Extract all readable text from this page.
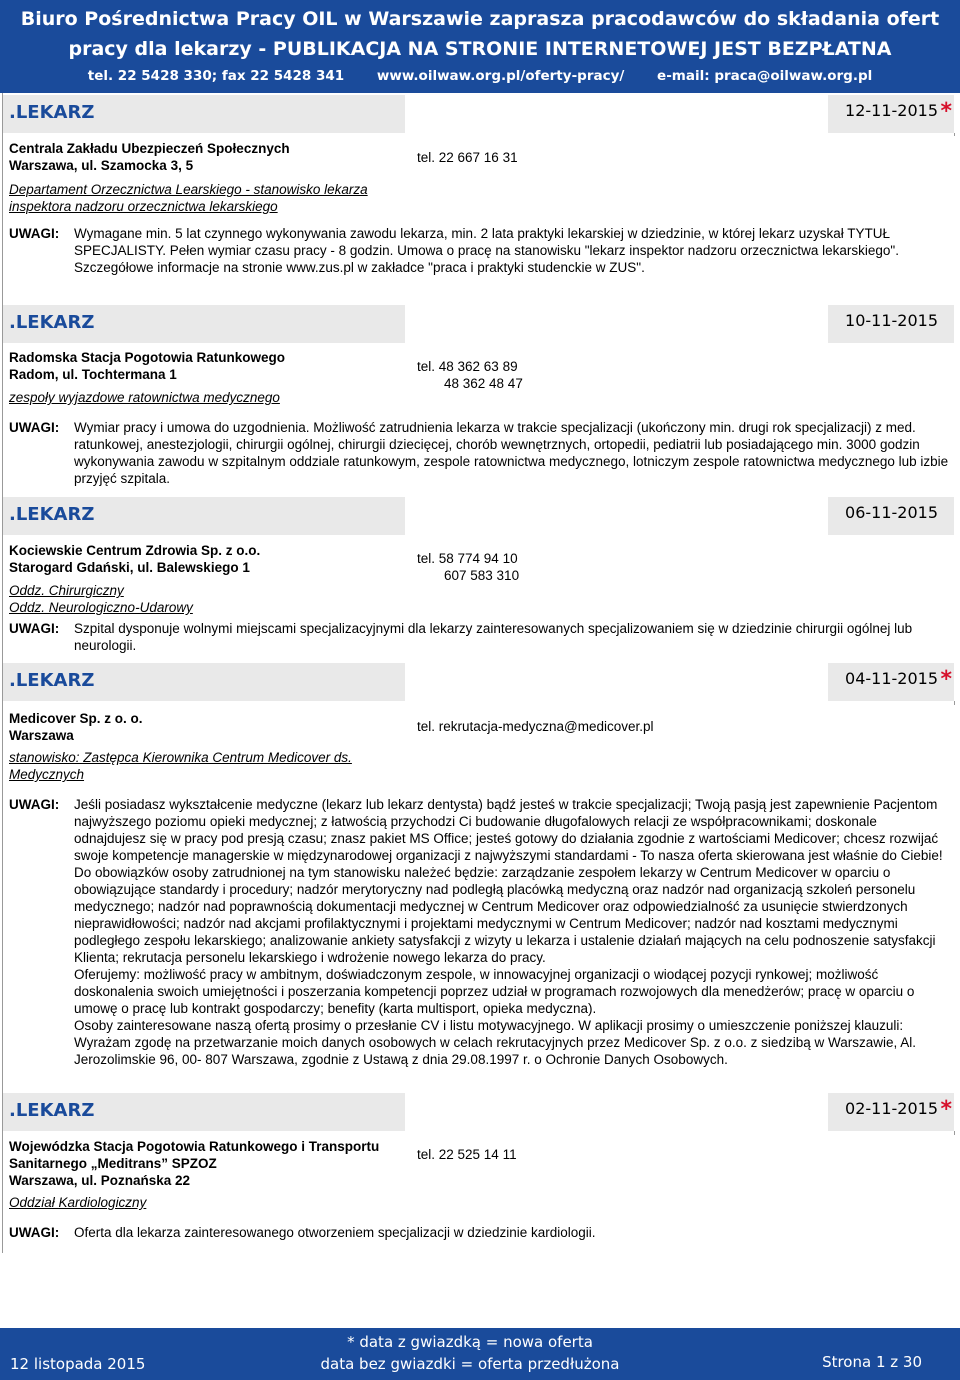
Biuro Pośrednictwa Pracy OIL w Warszawie zaprasza pracodawców do składania ofert
pracy dla lekarzy - PUBLIKACJA NA STRONIE INTERNETOWEJ JEST BEZPŁATNA
tel. 22 5428 330; fax 22 5428 341 www.oilwaw.org.pl/oferty-pracy/ e-mail: praca@oilwaw.org.pl
.LEKARZ	12-11-2015 *
Centrala Zakładu Ubezpieczeń Społecznych
Warszawa, ul. Szamocka 3, 5
Departament Orzecznictwa Learskiego - stanowisko lekarza
inspektora nadzoru orzecznictwa lekarskiego
tel. 22 667 16 31
UWAGI: Wymagane min. 5 lat czynnego wykonywania zawodu lekarza, min. 2 lata praktyki lekarskiej w dziedzinie, w której lekarz uzyskał TYTUŁ SPECJALISTY. Pełen wymiar czasu pracy - 8 godzin. Umowa o pracę na stanowisku "lekarz inspektor nadzoru orzecznictwa lekarskiego".

Szczegółowe informacje na stronie www.zus.pl w zakładce "praca i praktyki studenckie w ZUS".

.LEKARZ	10-11-2015
Radomska Stacja Pogotowia Ratunkowego
Radom, ul. Tochtermana 1
zespoły wyjazdowe ratownictwa medycznego
tel. 48 362 63 89
48 362 48 47
UWAGI: Wymiar pracy i umowa do uzgodnienia. Możliwość zatrudnienia lekarza w trakcie specjalizacji (ukończony min. drugi rok specjalizacji) z med. ratunkowej, anestezjologii, chirurgii ogólnej, chirurgii dziecięcej, chorób wewnętrznych, ortopedii, pediatrii lub posiadającego min. 3000 godzin wykonywania zawodu w szpitalnym oddziale ratunkowym, zespole ratownictwa medycznego, lotniczym zespole ratownictwa medycznego lub izbie przyjęć szpitala.

.LEKARZ	06-11-2015
Kociewskie Centrum Zdrowia Sp. z o.o.
Starogard Gdański, ul. Balewskiego 1
Oddz. Chirurgiczny
Oddz. Neurologiczno-Udarowy
tel. 58 774 94 10
607 583 310
UWAGI: Szpital dysponuje wolnymi miejscami specjalizacyjnymi dla lekarzy zainteresowanych specjalizowaniem się w dziedzinie chirurgii ogólnej lub neurologii.

.LEKARZ	04-11-2015 *
Medicover Sp. z o. o.
Warszawa
stanowisko: Zastępca Kierownika Centrum Medicover ds.
Medycznych
tel. rekrutacja-medyczna@medicover.pl
UWAGI: Jeśli posiadasz wykształcenie medyczne (lekarz lub lekarz dentysta) bądź jesteś w trakcie specjalizacji; Twoją pasją jest zapewnienie Pacjentom najwyższego poziomu opieki medycznej; z łatwością przychodzi Ci budowanie długofalowych relacji ze współpracownikami; doskonale odnajdujesz się w pracy pod presją czasu; znasz pakiet MS Office; jesteś gotowy do działania zgodnie z wartościami Medicover; chcesz rozwijać swoje kompetencje managerskie w międzynarodowej organizacji z najwyższymi standardami - To nasza oferta skierowana jest właśnie do Ciebie!

Do obowiązków osoby zatrudnionej na tym stanowisku należeć będzie: zarządzanie zespołem lekarzy w Centrum Medicover w oparciu o obowiązujące standardy i procedury; nadzór merytoryczny nad podległą placówką medyczną oraz nadzór nad organizacją szkoleń personelu medycznego; nadzór nad poprawnością dokumentacji medycznej w Centrum Medicover oraz odpowiedzialność za usunięcie stwierdzonych nieprawidłowości; nadzór nad akcjami profilaktycznymi i projektami medycznymi w Centrum Medicover; nadzór nad kosztami medycznymi podległego zespołu lekarskiego; analizowanie ankiety satysfakcji z wizyty u lekarza i ustalenie działań mających na celu podnoszenie satysfakcji Klienta; rekrutacja personelu lekarskiego i wdrożenie nowego lekarza do pracy.

Oferujemy: możliwość pracy w ambitnym, doświadczonym zespole, w innowacyjnej organizacji o wiodącej pozycji rynkowej; możliwość doskonalenia swoich umiejętności i poszerzania kompetencji poprzez udział w programach rozwojowych dla menedżerów; pracę w oparciu o umowę o pracę lub kontrakt gospodarczy; benefity (karta multisport, opieka medyczna).

Osoby zainteresowane naszą ofertą prosimy o przesłanie CV i listu motywacyjnego. W aplikacji prosimy o umieszczenie poniższej klauzuli: Wyrażam zgodę na przetwarzanie moich danych osobowych w celach rekrutacyjnych przez Medicover Sp. z o.o. z siedzibą w Warszawie, Al. Jerozolimskie 96, 00- 807 Warszawa, zgodnie z Ustawą z dnia 29.08.1997 r. o Ochronie Danych Osobowych.

.LEKARZ	02-11-2015 *
Wojewódzka Stacja Pogotowia Ratunkowego i Transportu
Sanitarnego „Meditrans” SPZOZ
Warszawa, ul. Poznańska 22
Oddział Kardiologiczny
tel. 22 525 14 11
UWAGI: Oferta dla lekarza zainteresowanego otworzeniem specjalizacji w dziedzinie kardiologii.

12 listopada 2015
* data z gwiazdką = nowa oferta
data bez gwiazdki = oferta przedłużona	Strona 1 z 30
